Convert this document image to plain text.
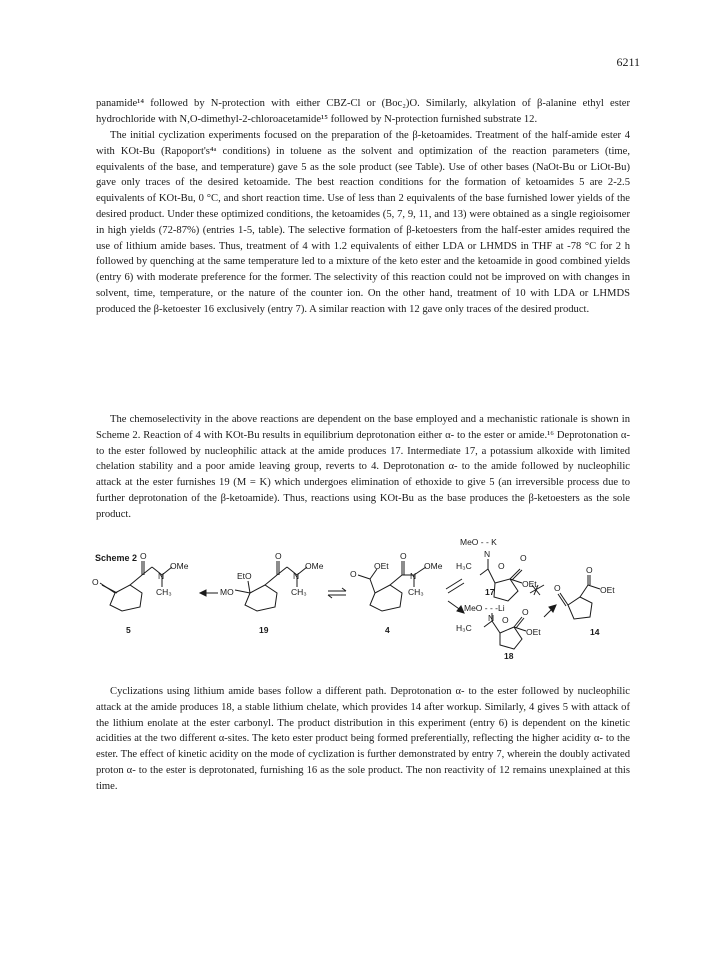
6211

panamide¹⁴ followed by N-protection with either CBZ-Cl or (Boc₂)O. Similarly, alkylation of β-alanine ethyl ester hydrochloride with N,O-dimethyl-2-chloroacetamide¹⁵ followed by N-protection furnished substrate 12.

The initial cyclization experiments focused on the preparation of the β-ketoamides. Treatment of the half-amide ester 4 with KOt-Bu (Rapoport's⁴ᵃ conditions) in toluene as the solvent and optimization of the reaction parameters (time, equivalents of the base, and temperature) gave 5 as the sole product (see Table). Use of other bases (NaOt-Bu or LiOt-Bu) gave only traces of the desired ketoamide. The best reaction conditions for the formation of ketoamides 5 are 2-2.5 equivalents of KOt-Bu, 0 °C, and short reaction time. Use of less than 2 equivalents of the base furnished lower yields of the desired product. Under these optimized conditions, the ketoamides (5, 7, 9, 11, and 13) were obtained as a single regioisomer in high yields (72-87%) (entries 1-5, table). The selective formation of β-ketoesters from the half-ester amides required the use of lithium amide bases. Thus, treatment of 4 with 1.2 equivalents of either LDA or LHMDS in THF at -78 °C for 2 h followed by quenching at the same temperature led to a mixture of the keto ester and the ketoamide in good combined yields (entry 6) with moderate preference for the former. The selectivity of this reaction could not be improved on with changes in solvent, time, temperature, or the nature of the counter ion. On the other hand, treatment of 10 with LDA or LHMDS produced the β-ketoester 16 exclusively (entry 7). A similar reaction with 12 gave only traces of the desired product.

The chemoselectivity in the above reactions are dependent on the base employed and a mechanistic rationale is shown in Scheme 2. Reaction of 4 with KOt-Bu results in equilibrium deprotonation either α- to the ester or amide.¹⁶ Deprotonation α- to the ester followed by nucleophilic attack at the amide produces 17. Intermediate 17, a potassium alkoxide with limited chelation stability and a poor amide leaving group, reverts to 4. Deprotonation α- to the amide followed by nucleophilic attack at the ester furnishes 19 (M = K) which undergoes elimination of ethoxide to give 5 (an irreversible process due to further deprotonation of the β-ketoamide). Thus, reactions using KOt-Bu as the base produces the β-ketoesters as the sole product.

Scheme 2
O
O
N
OMe
CH₃
5
EtO
MO
O
N
OMe
CH₃
19
O
OEt
O
N
OMe
CH₃
4
MeO - - K
N
H₃C	O
O
OEt
17	O
O
OEt
14
MeO - - -Li
N
H₃C
O
O
OEt
18

Cyclizations using lithium amide bases follow a different path. Deprotonation α- to the ester followed by nucleophilic attack at the amide produces 18, a stable lithium chelate, which provides 14 after workup. Similarly, 4 gives 5 with attack of the lithium enolate at the ester carbonyl. The product distribution in this experiment (entry 6) is dependent on the kinetic acidities at the two different α-sites. The keto ester product being formed preferentially, reflecting the higher acidity α- to the ester. The effect of kinetic acidity on the mode of cyclization is further demonstrated by entry 7, wherein the doubly activated proton α- to the ester is deprotonated, furnishing 16 as the sole product. The non reactivity of 12 remains unexplained at this time.
